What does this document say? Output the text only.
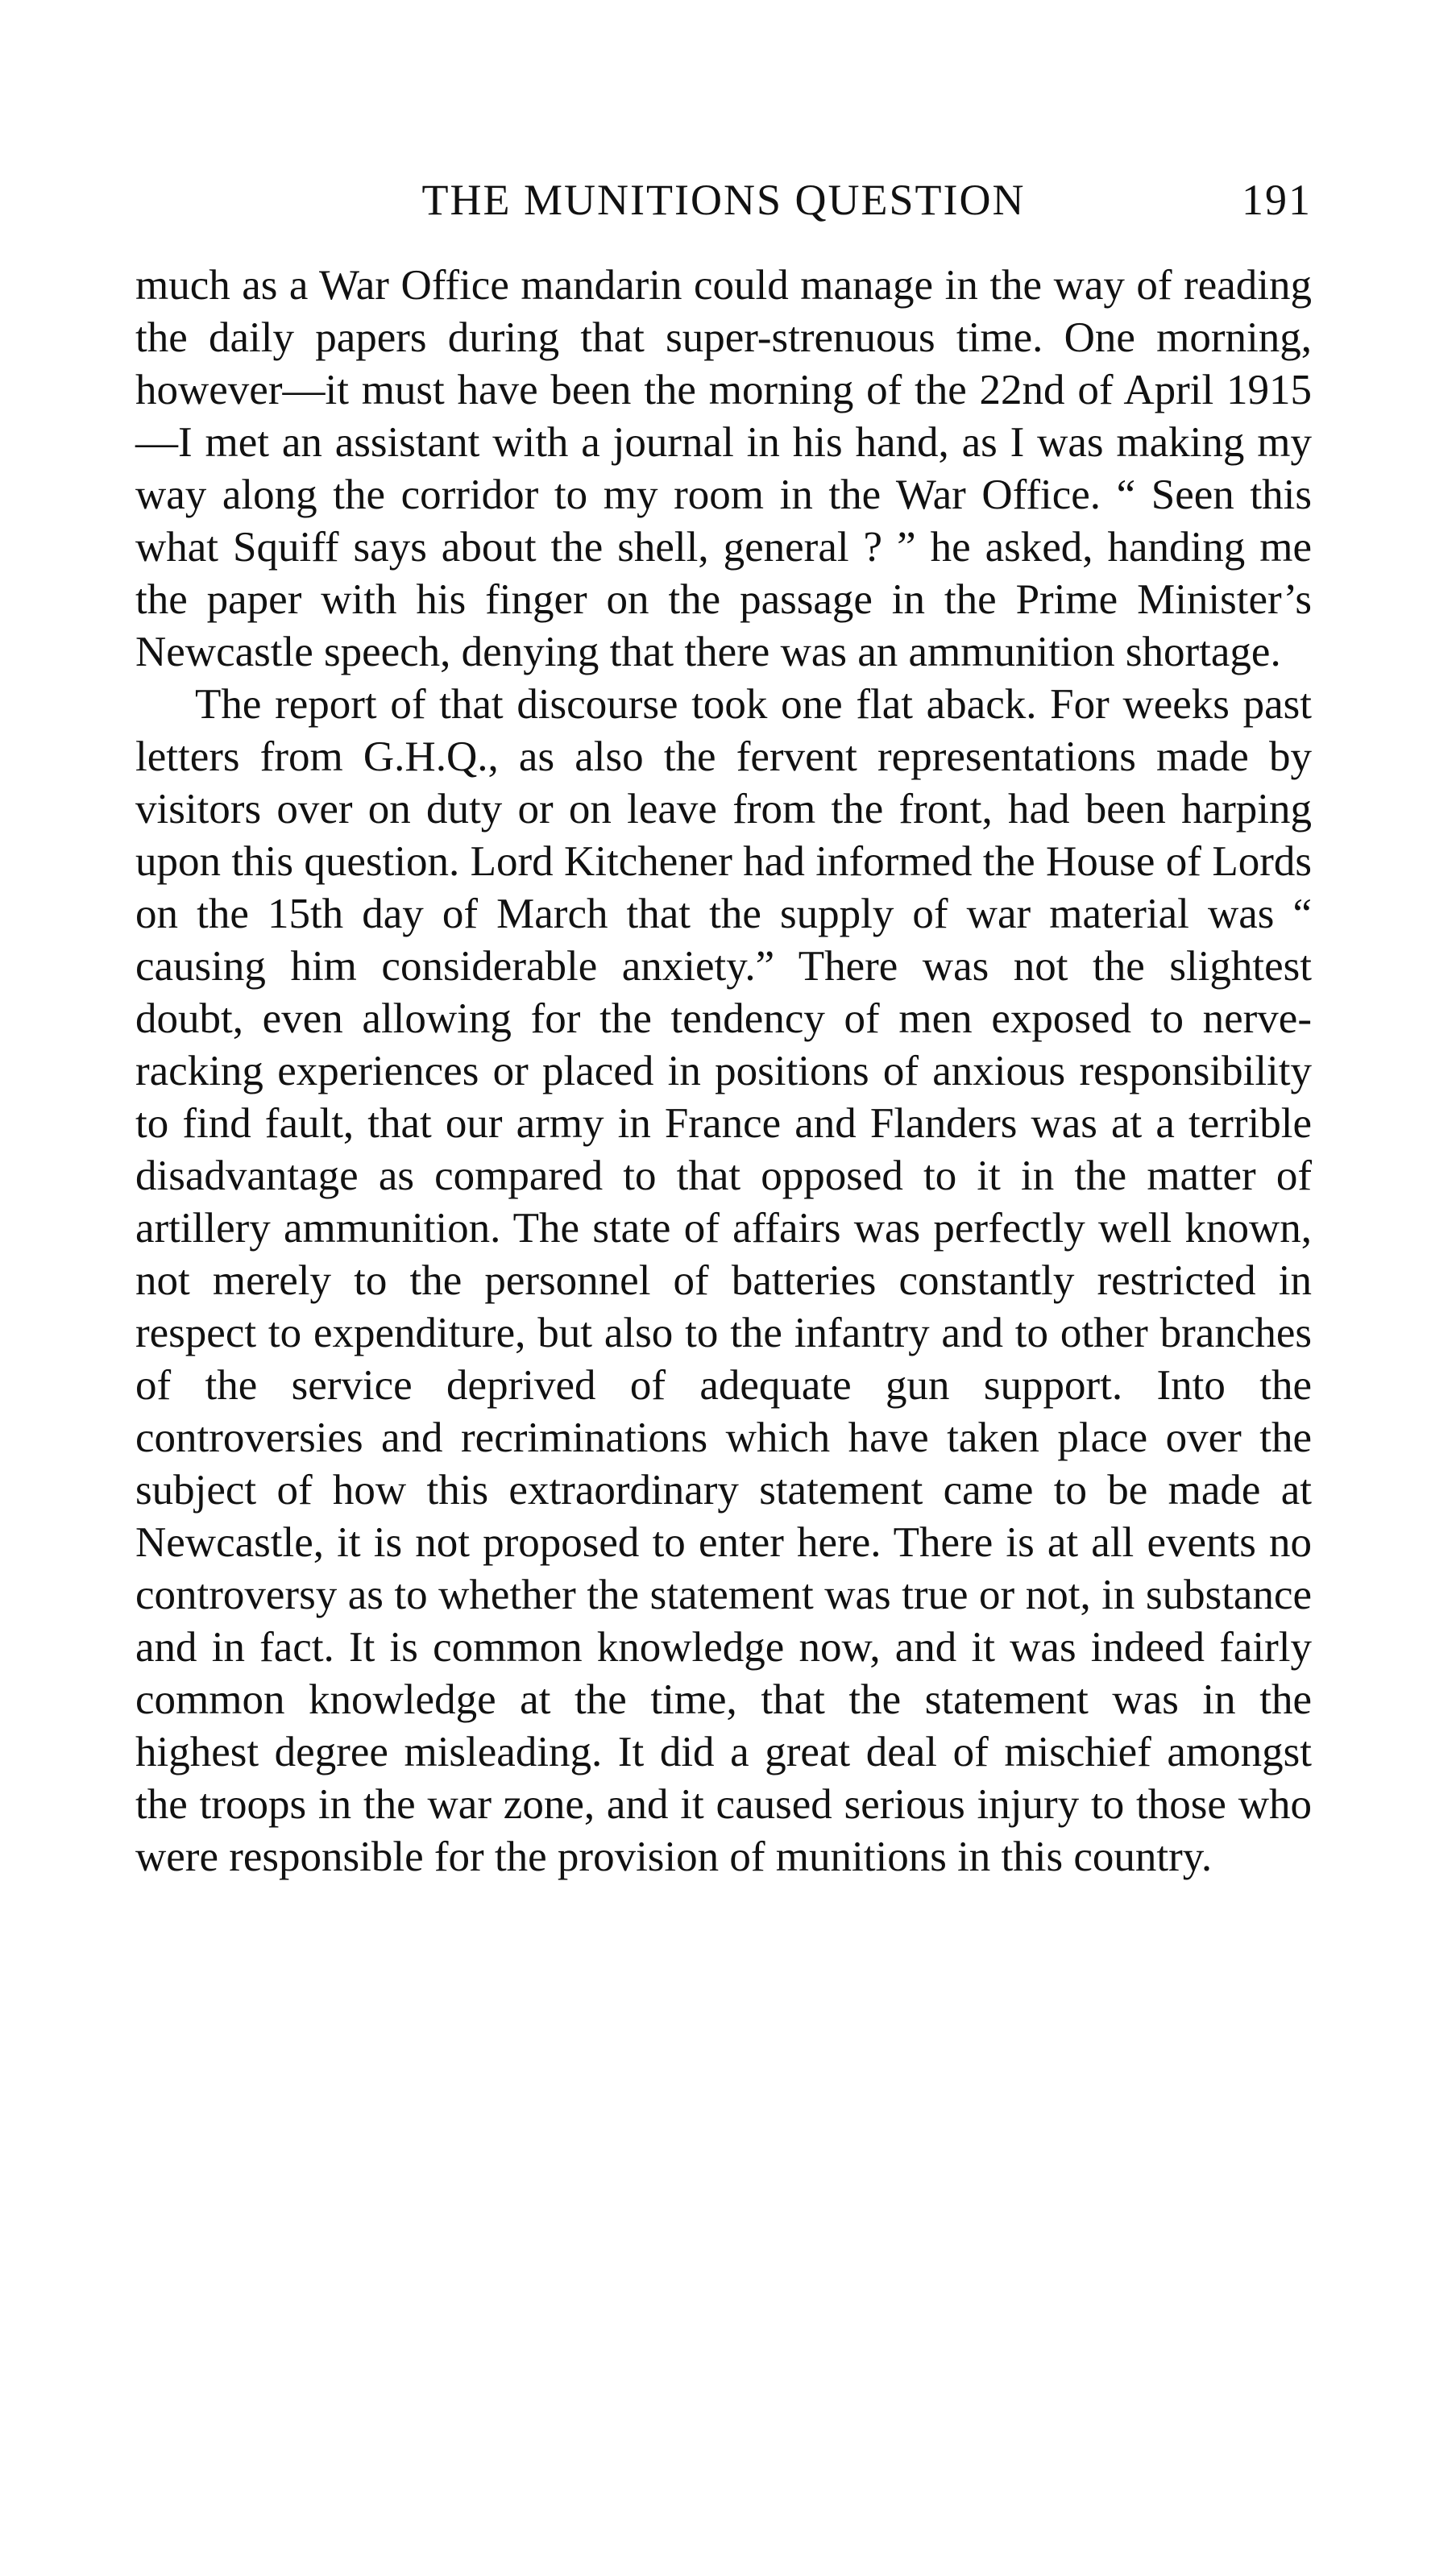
THE MUNITIONS QUESTION	191

much as a War Office mandarin could manage in the way of reading the daily papers during that super-strenuous time. One morning, however—it must have been the morning of the 22nd of April 1915—I met an assistant with a journal in his hand, as I was making my way along the corridor to my room in the War Office. “ Seen this what Squiff says about the shell, general ? ” he asked, handing me the paper with his finger on the passage in the Prime Minister’s Newcastle speech, denying that there was an ammunition shortage.

The report of that discourse took one flat aback. For weeks past letters from G.H.Q., as also the fervent representations made by visitors over on duty or on leave from the front, had been harping upon this question. Lord Kitchener had informed the House of Lords on the 15th day of March that the supply of war material was “ causing him considerable anxiety.” There was not the slightest doubt, even allowing for the tendency of men exposed to nerve-racking experiences or placed in positions of anxious responsibility to find fault, that our army in France and Flanders was at a terrible disadvantage as compared to that opposed to it in the matter of artillery ammunition. The state of affairs was perfectly well known, not merely to the personnel of batteries constantly restricted in respect to expenditure, but also to the infantry and to other branches of the service deprived of adequate gun support. Into the controversies and recriminations which have taken place over the subject of how this extraordinary statement came to be made at Newcastle, it is not proposed to enter here. There is at all events no controversy as to whether the statement was true or not, in substance and in fact. It is common knowledge now, and it was indeed fairly common knowledge at the time, that the statement was in the highest degree misleading. It did a great deal of mischief amongst the troops in the war zone, and it caused serious injury to those who were responsible for the provision of munitions in this country.
